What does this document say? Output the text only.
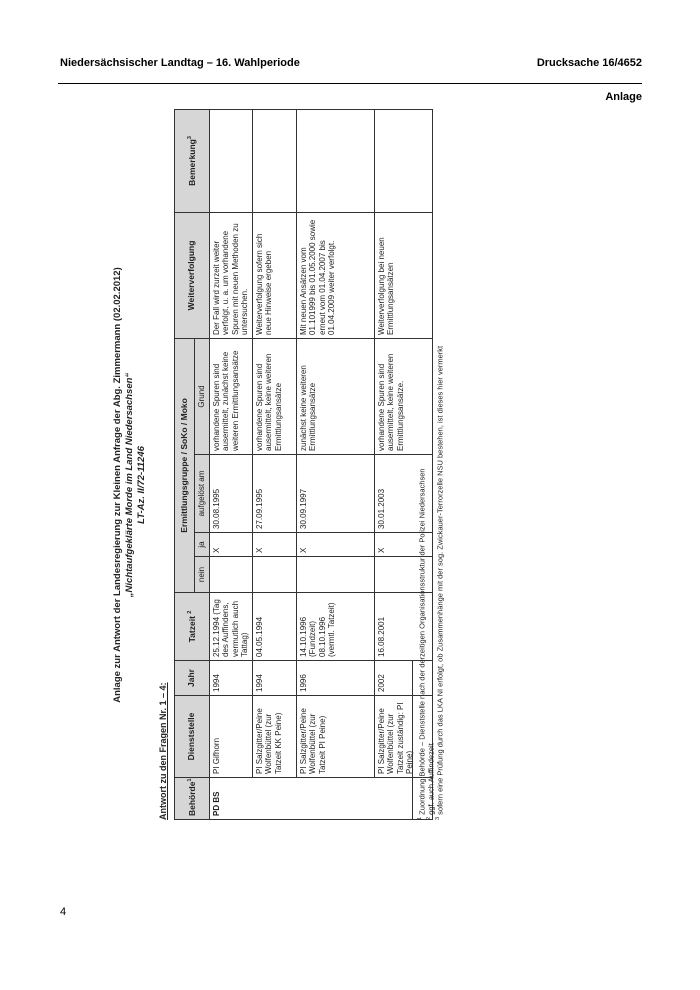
Niedersächsischer Landtag – 16. Wahlperiode	Drucksache 16/4652
Anlage
Anlage zur Antwort der Landesregierung zur Kleinen Anfrage der Abg. Zimmermann (02.02.2012) „Nichtaufgeklärte Morde im Land Niedersachsen“ LT-Az. II/72-11246
Antwort zu den Fragen Nr. 1 – 4: Behörde$^1$	Dienststelle	Jahr	Tatzeit $^2$	Ermittlungsgruppe / SoKo / Moko				Weiterverfolgung	Bemerkung$^3$
				nein	ja	aufgelöst am	Grund		
PD BS	PI Gifhorn	1994	25.12.1994 (Tag des Auffindens, vermutlich auch Tattag)		X	30.08.1995	vorhandene Spuren sind ausermittelt, zunächst keine weiteren Ermittlungsansätze	Der Fall wird zurzeit weiter verfolgt, u. a. um vorhandene Spuren mit neuen Methoden zu untersuchen.	
	PI Salzgitter/Peine Wolfenbüttel (zur Tatzeit KK Peine)	1994	04.05.1994		X	27.09.1995	vorhandene Spuren sind ausermittelt, keine weiteren Ermittlungsansätze	Weiterverfolgung sofern sich neue Hinweise ergeben	
	PI Salzgitter/Peine Wolfenbüttel (zur Tatzeit PI Peine)	1996	14.10.1996 (Fundzeit) 08.10.1996 (vermtl. Tatzeit)		X	30.09.1997	zunächst keine weiteren Ermittlungsansätze	Mit neuen Ansätzen vom 01.101999 bis 01.05.2000 sowie erneut vom 01.04.2007 bis 01.04.2009 weiter verfolgt.	
	PI Salzgitter/Peine Wolfenbüttel (zur Tatzeit zuständig: PI Peine)	2002	16.08.2001		X	30.01.2003	vorhandene Spuren sind ausermittelt, keine weiteren Ermittlungsansätze.	Weiterverfolgung bei neuen Ermittlungsansätzen	
$^1$ Zuordnung Behörde – Dienststelle nach der derzeitigen Organisationsstruktur der Polizei Niedersachsen
$^2$ ggf. auch Auffindezeit
$^3$ sofern eine Prüfung durch das LKA NI erfolgt, ob Zusammenhänge mit der sog. Zwickauer-Terrorzelle NSU bestehen, ist dieses hier vermerkt
4
